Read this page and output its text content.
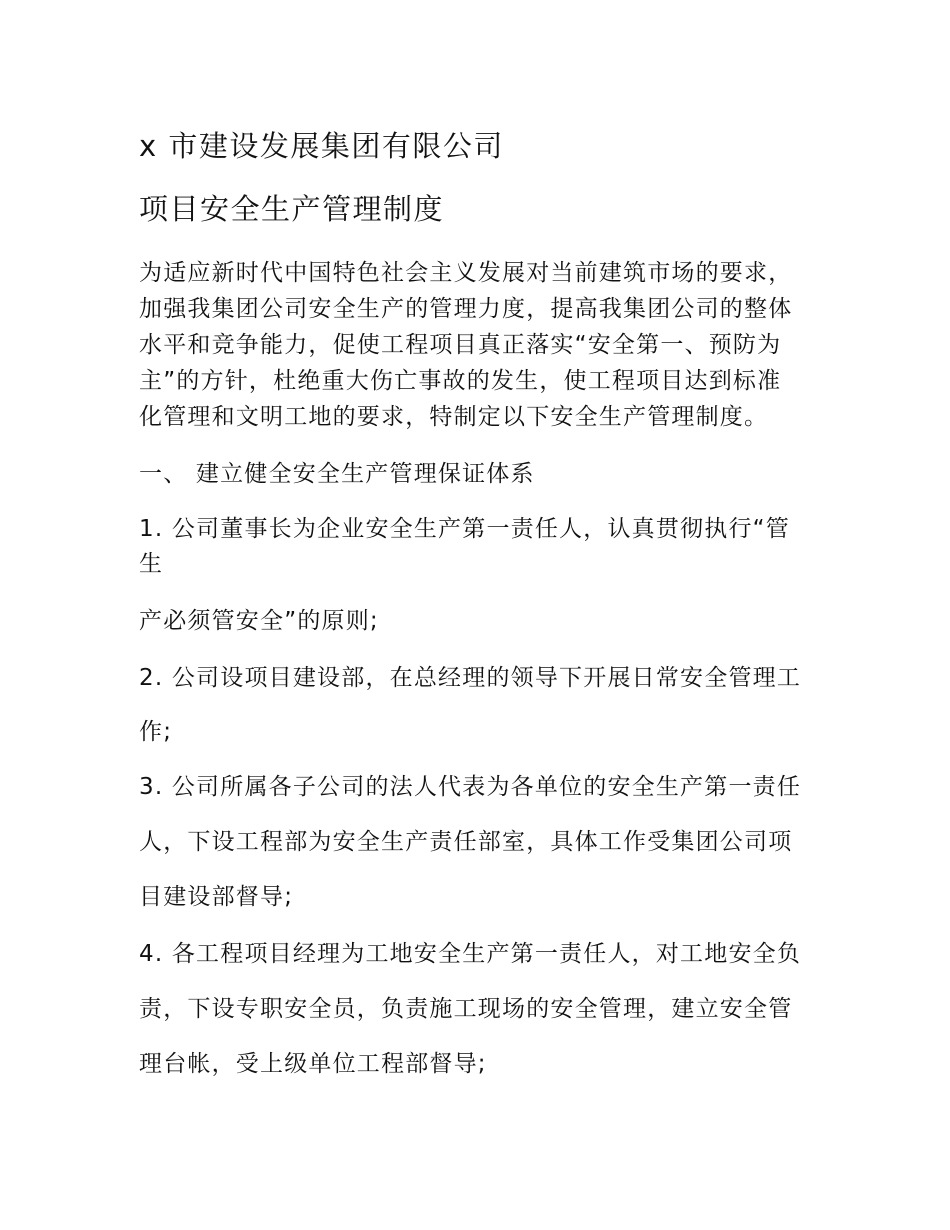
x 市建设发展集团有限公司
项目安全生产管理制度
为适应新时代中国特色社会主义发展对当前建筑市场的要求，
加强我集团公司安全生产的管理力度，提高我集团公司的整体
水平和竞争能力，促使工程项目真正落实“安全第一、预防为
主”的方针，杜绝重大伤亡事故的发生，使工程项目达到标准
化管理和文明工地的要求，特制定以下安全生产管理制度。
一、 建立健全安全生产管理保证体系
1. 公司董事长为企业安全生产第一责任人，认真贯彻执行“管
生
产必须管安全”的原则;
2. 公司设项目建设部，在总经理的领导下开展日常安全管理工
作;
3. 公司所属各子公司的法人代表为各单位的安全生产第一责任
人，下设工程部为安全生产责任部室，具体工作受集团公司项
目建设部督导;
4. 各工程项目经理为工地安全生产第一责任人，对工地安全负
责，下设专职安全员，负责施工现场的安全管理，建立安全管
理台帐，受上级单位工程部督导;
